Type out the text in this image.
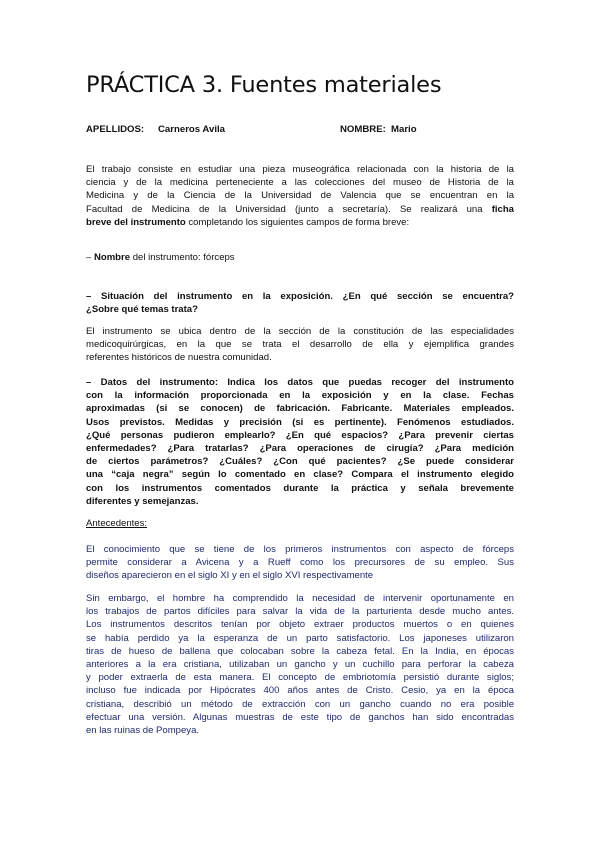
PRÁCTICA 3. Fuentes materiales
APELLIDOS: Carneros Avila	NOMBRE: Mario
El trabajo consiste en estudiar una pieza museográfica relacionada con la historia de la
ciencia y de la medicina perteneciente a las colecciones del museo de Historia de la
Medicina y de la Ciencia de la Universidad de Valencia que se encuentran en la
Facultad de Medicina de la Universidad (junto a secretaría). Se realizará una ficha
breve del instrumento completando los siguientes campos de forma breve:
– Nombre del instrumento: fórceps
– Situación del instrumento en la exposición. ¿En qué sección se encuentra?
¿Sobre qué temas trata?
El instrumento se ubica dentro de la sección de la constitución de las especialidades
medicoquirúrgicas, en la que se trata el desarrollo de ella y ejemplifica grandes
referentes históricos de nuestra comunidad.
– Datos del instrumento: Indica los datos que puedas recoger del instrumento
con la información proporcionada en la exposición y en la clase. Fechas
aproximadas (si se conocen) de fabricación. Fabricante. Materiales empleados.
Usos previstos. Medidas y precisión (si es pertinente). Fenómenos estudiados.
¿Qué personas pudieron emplearlo? ¿En qué espacios? ¿Para prevenir ciertas
enfermedades? ¿Para tratarlas? ¿Para operaciones de cirugía? ¿Para medición
de ciertos parámetros? ¿Cuáles? ¿Con qué pacientes? ¿Se puede considerar
una “caja negra” según lo comentado en clase? Compara el instrumento elegido
con los instrumentos comentados durante la práctica y señala brevemente
diferentes y semejanzas.
Antecedentes:
El conocimiento que se tiene de los primeros instrumentos con aspecto de fórceps
permite considerar a Avicena y a Rueff como los precursores de su empleo. Sus
diseños aparecieron en el siglo XI y en el siglo XVI respectivamente
Sin embargo, el hombre ha comprendido la necesidad de intervenir oportunamente en
los trabajos de partos difíciles para salvar la vida de la parturienta desde mucho antes.
Los instrumentos descritos tenían por objeto extraer productos muertos o en quienes
se había perdido ya la esperanza de un parto satisfactorio. Los japoneses utilizaron
tiras de hueso de ballena que colocaban sobre la cabeza fetal. En la India, en épocas
anteriores a la era cristiana, utilizaban un gancho y un cuchillo para perforar la cabeza
y poder extraerla de esta manera. El concepto de embriotomía persistió durante siglos;
incluso fue indicada por Hipócrates 400 años antes de Cristo. Cesio, ya en la época
cristiana, describió un método de extracción con un gancho cuando no era posible
efectuar una versión. Algunas muestras de este tipo de ganchos han sido encontradas
en las ruinas de Pompeya.
